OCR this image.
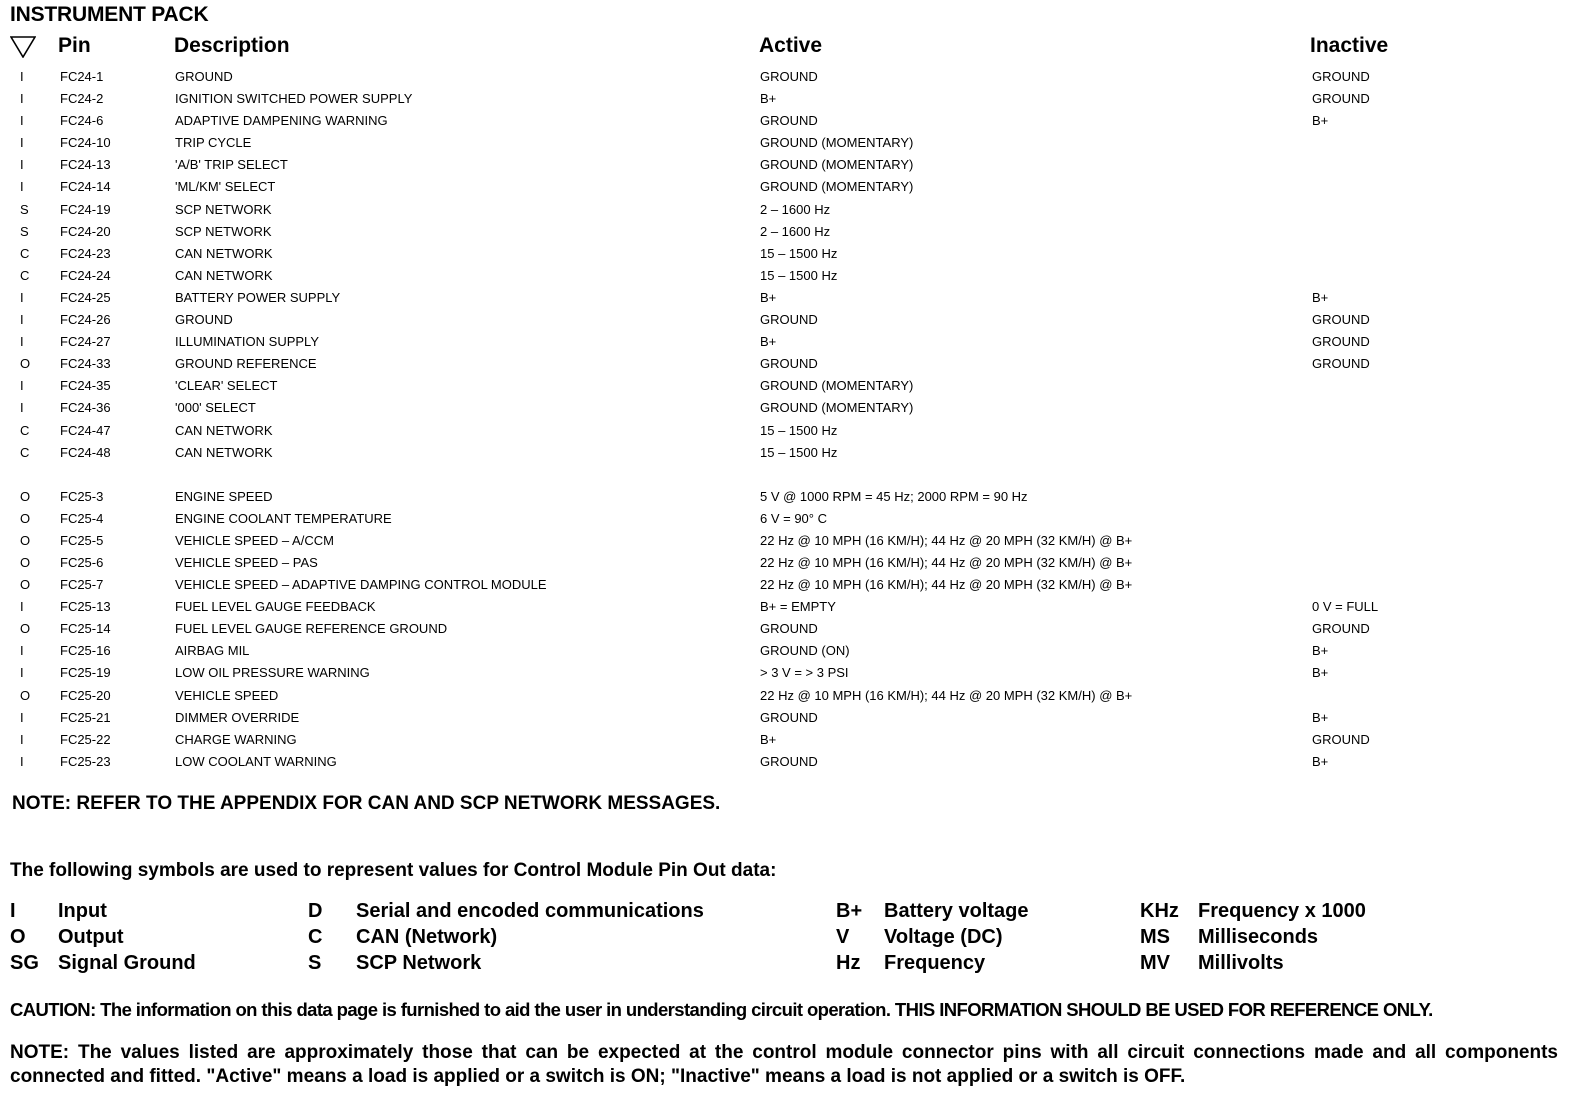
INSTRUMENT PACK
Pin	Description	Active	Inactive
I	FC24-1	GROUND	GROUND	GROUND
I	FC24-2	IGNITION SWITCHED POWER SUPPLY	B+	GROUND
I	FC24-6	ADAPTIVE DAMPENING WARNING	GROUND	B+
I	FC24-10	TRIP CYCLE	GROUND (MOMENTARY)
I	FC24-13	'A/B' TRIP SELECT	GROUND (MOMENTARY)
I	FC24-14	'ML/KM' SELECT	GROUND (MOMENTARY)
S FC24-19	SCP NETWORK	2 – 1600 Hz
S FC24-20	SCP NETWORK	2 – 1600 Hz
C FC24-23	CAN NETWORK	15 – 1500 Hz
C FC24-24	CAN NETWORK	15 – 1500 Hz
I	FC24-25	BATTERY POWER SUPPLY	B+	B+
I	FC24-26	GROUND	GROUND	GROUND
I	FC24-27	ILLUMINATION SUPPLY	B+	GROUND
O FC24-33	GROUND REFERENCE	GROUND	GROUND
I	FC24-35	'CLEAR' SELECT	GROUND (MOMENTARY)
I	FC24-36	'000' SELECT	GROUND (MOMENTARY)
C FC24-47	CAN NETWORK	15 – 1500 Hz
C FC24-48	CAN NETWORK	15 – 1500 Hz
O FC25-3	ENGINE SPEED	5 V @ 1000 RPM = 45 Hz; 2000 RPM = 90 Hz
O FC25-4	ENGINE COOLANT TEMPERATURE	6 V = 90° C
O FC25-5	VEHICLE SPEED – A/CCM	22 Hz @ 10 MPH (16 KM/H); 44 Hz @ 20 MPH (32 KM/H) @ B+
O FC25-6	VEHICLE SPEED – PAS	22 Hz @ 10 MPH (16 KM/H); 44 Hz @ 20 MPH (32 KM/H) @ B+
O FC25-7	VEHICLE SPEED – ADAPTIVE DAMPING CONTROL MODULE	22 Hz @ 10 MPH (16 KM/H); 44 Hz @ 20 MPH (32 KM/H) @ B+
I	FC25-13	FUEL LEVEL GAUGE FEEDBACK	B+ = EMPTY	0 V = FULL
O FC25-14	FUEL LEVEL GAUGE REFERENCE GROUND	GROUND	GROUND
I	FC25-16	AIRBAG MIL	GROUND (ON)	B+
I	FC25-19	LOW OIL PRESSURE WARNING	> 3 V = > 3 PSI	B+
O FC25-20	VEHICLE SPEED	22 Hz @ 10 MPH (16 KM/H); 44 Hz @ 20 MPH (32 KM/H) @ B+
I	FC25-21	DIMMER OVERRIDE	GROUND	B+
I	FC25-22	CHARGE WARNING	B+	GROUND
I	FC25-23	LOW COOLANT WARNING	GROUND	B+
NOTE: REFER TO THE APPENDIX FOR CAN AND SCP NETWORK MESSAGES.
The following symbols are used to represent values for Control Module Pin Out data:
I Input
O Output
SG Signal Ground
D Serial and encoded communications
C CAN (Network)
S SCP Network
B+ Battery voltage
V Voltage (DC)
Hz Frequency
KHz Frequency x 1000
MS Milliseconds
MV Millivolts
CAUTION: The information on this data page is furnished to aid the user in understanding circuit operation. THIS INFORMATION SHOULD BE USED FOR REFERENCE ONLY.
NOTE: The values listed are approximately those that can be expected at the control module connector pins with all circuit connections made and all components connected and fitted. "Active" means a load is applied or a switch is ON; "Inactive" means a load is not applied or a switch is OFF.
